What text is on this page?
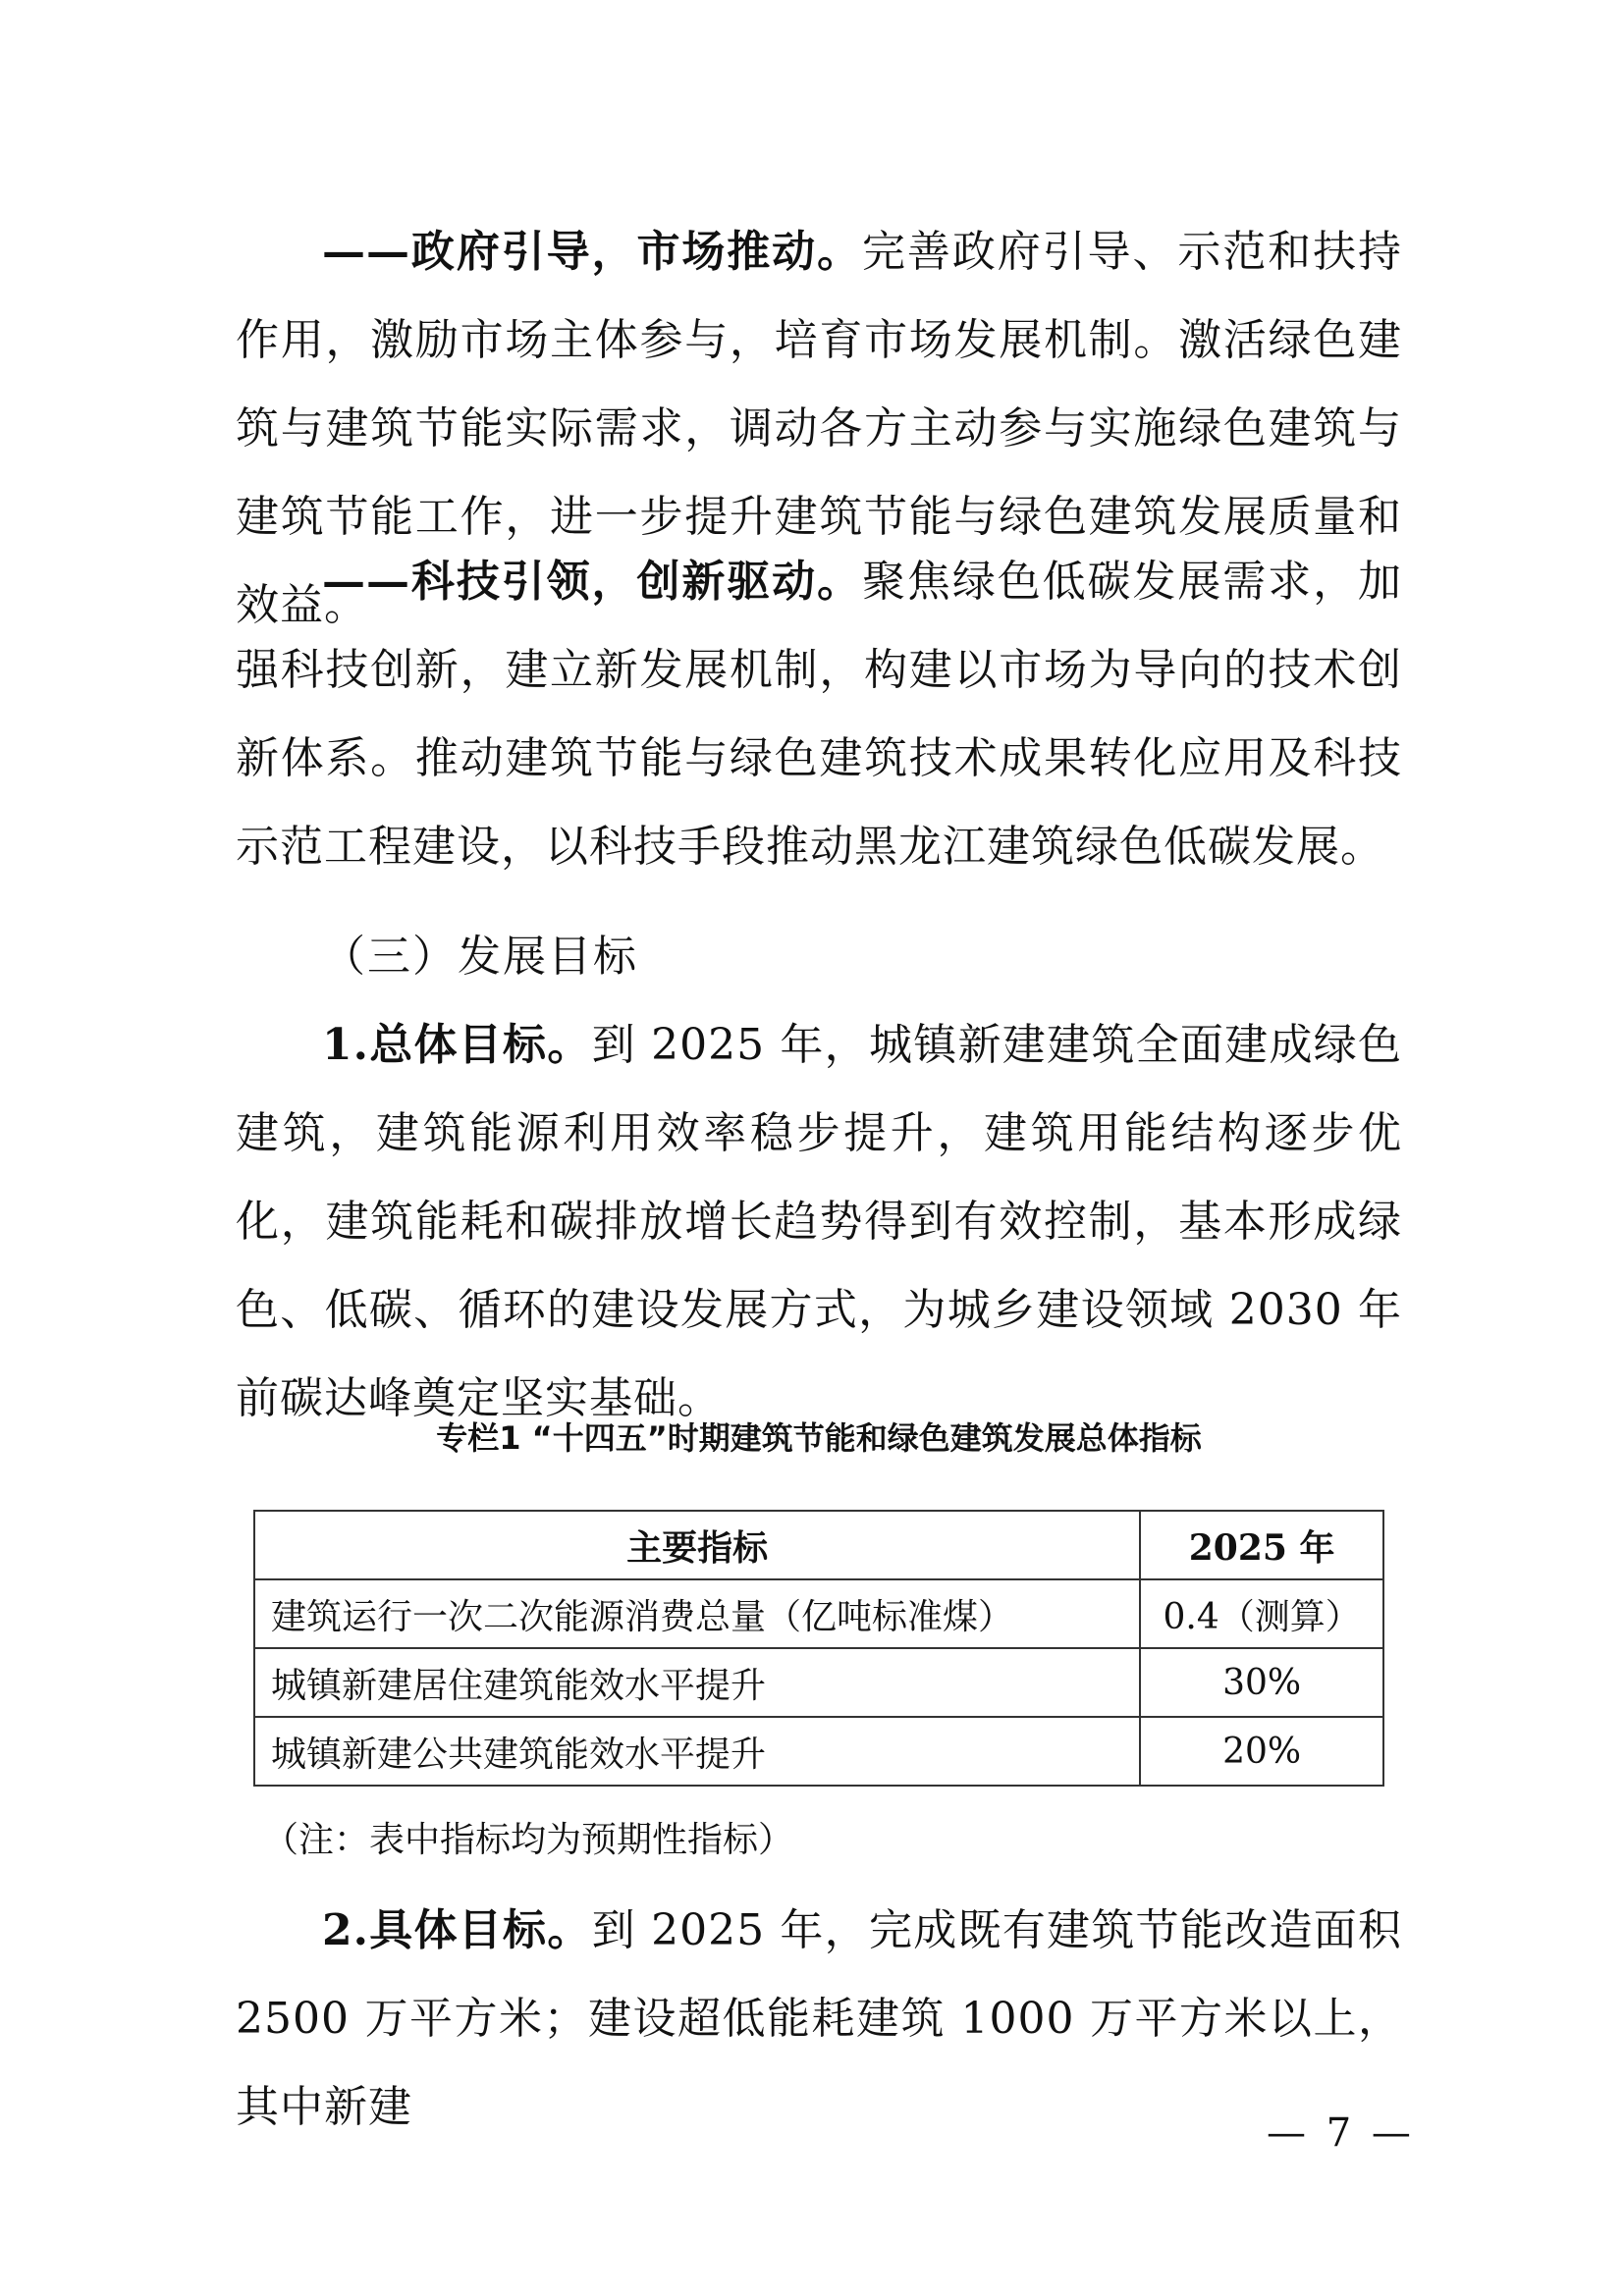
——政府引导，市场推动。完善政府引导、示范和扶持作用，激励市场主体参与，培育市场发展机制。激活绿色建筑与建筑节能实际需求，调动各方主动参与实施绿色建筑与建筑节能工作，进一步提升建筑节能与绿色建筑发展质量和效益。

——科技引领，创新驱动。聚焦绿色低碳发展需求，加强科技创新，建立新发展机制，构建以市场为导向的技术创新体系。推动建筑节能与绿色建筑技术成果转化应用及科技示范工程建设，以科技手段推动黑龙江建筑绿色低碳发展。

（三）发展目标

1.总体目标。到 2025 年，城镇新建建筑全面建成绿色建筑，建筑能源利用效率稳步提升，建筑用能结构逐步优化，建筑能耗和碳排放增长趋势得到有效控制，基本形成绿色、低碳、循环的建设发展方式，为城乡建设领域 2030 年前碳达峰奠定坚实基础。

专栏1 “十四五”时期建筑节能和绿色建筑发展总体指标

主要指标	2025 年
建筑运行一次二次能源消费总量（亿吨标准煤）	0.4（测算）
城镇新建居住建筑能效水平提升	30%
城镇新建公共建筑能效水平提升	20%

（注：表中指标均为预期性指标）

2.具体目标。到 2025 年，完成既有建筑节能改造面积 2500 万平方米；建设超低能耗建筑 1000 万平方米以上，其中新建

— 7 —
